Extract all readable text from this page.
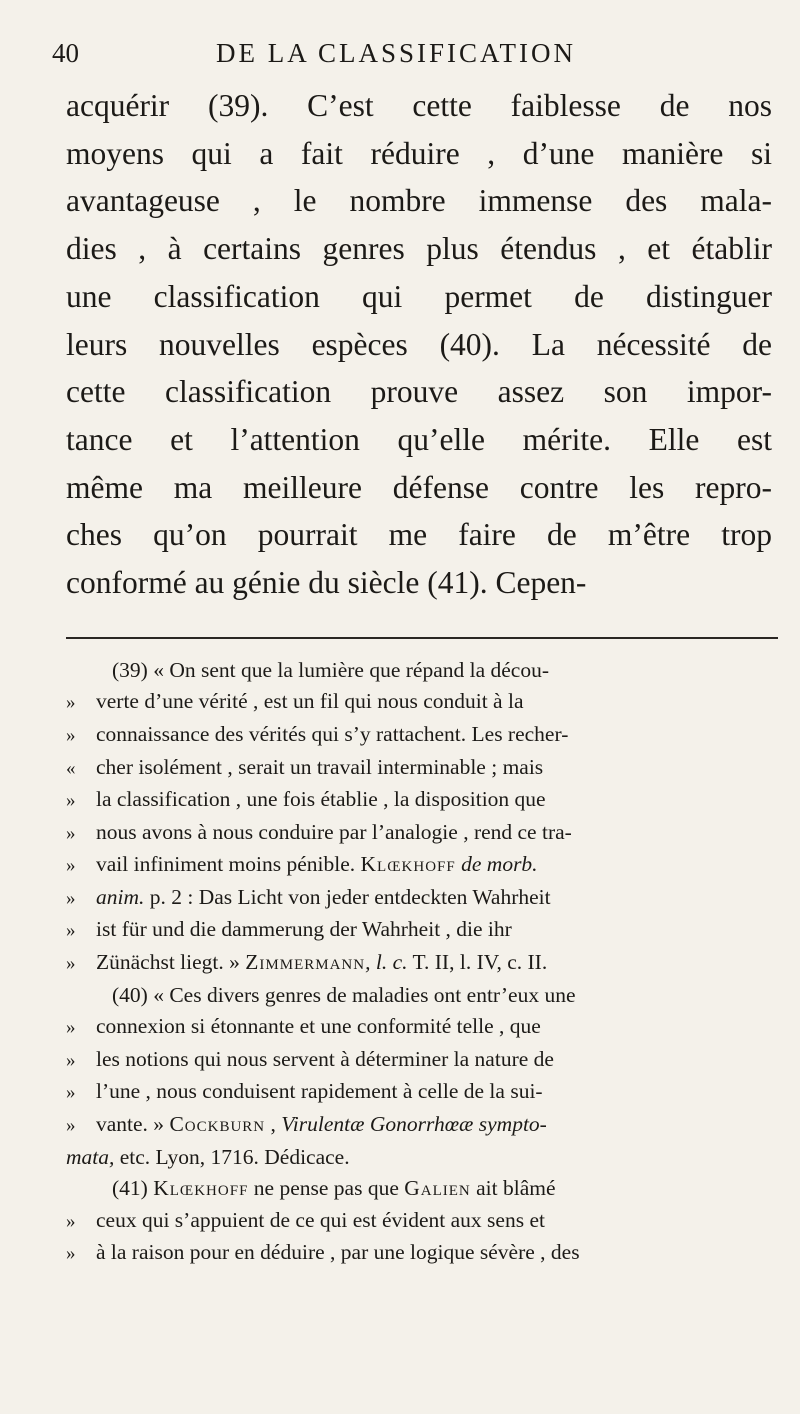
40	DE LA CLASSIFICATION
acquérir (39). C’est cette faiblesse de nos
moyens qui a fait réduire , d’une manière si
avantageuse , le nombre immense des mala-
dies , à certains genres plus étendus , et établir
une classification qui permet de distinguer
leurs nouvelles espèces (40). La nécessité de
cette classification prouve assez son impor-
tance et l’attention qu’elle mérite. Elle est
même ma meilleure défense contre les repro-
ches qu’on pourrait me faire de m’être trop
conformé au génie du siècle (41). Cepen-
(39) « On sent que la lumière que répand la décou-
» verte d’une vérité , est un fil qui nous conduit à la
» connaissance des vérités qui s’y rattachent. Les recher-
« cher isolément , serait un travail interminable ; mais
» la classification , une fois établie , la disposition que
» nous avons à nous conduire par l’analogie , rend ce tra-
» vail infiniment moins pénible. Klœkhoff de morb.
» anim. p. 2 : Das Licht von jeder entdeckten Wahrheit
» ist für und die dammerung der Wahrheit , die ihr
» Zünächst liegt. » Zimmermann, l. c. T. II, l. IV, c. II.
(40) « Ces divers genres de maladies ont entr’eux une
» connexion si étonnante et une conformité telle , que
» les notions qui nous servent à déterminer la nature de
» l’une , nous conduisent rapidement à celle de la sui-
» vante. » Cockburn , Virulentæ Gonorrhœæ sympto-
mata, etc. Lyon, 1716. Dédicace.
(41) Klœkhoff ne pense pas que Galien ait blâmé
» ceux qui s’appuient de ce qui est évident aux sens et
» à la raison pour en déduire , par une logique sévère , des
